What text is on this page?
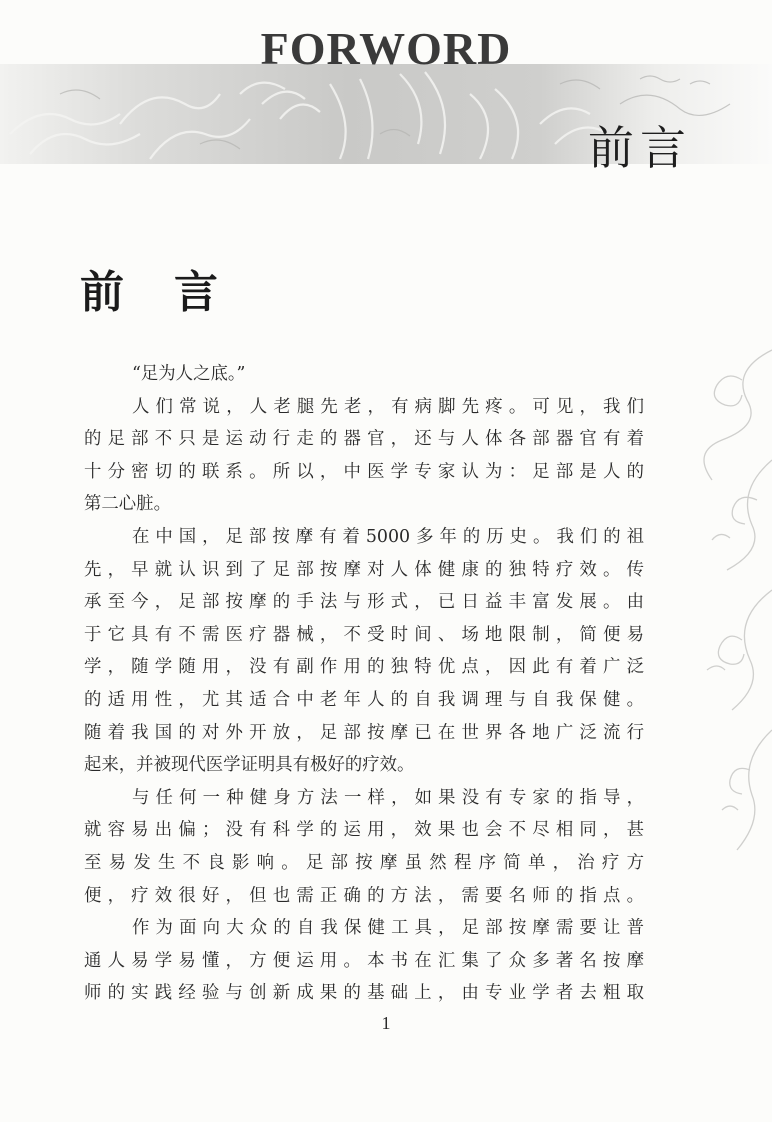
FORWORD
前言
前言

“足为人之底。”

人们常说，人老腿先老，有病脚先疼。可见，我们

的足部不只是运动行走的器官，还与人体各部器官有着

十分密切的联系。所以，中医学专家认为：足部是人的

第二心脏。

在中国，足部按摩有着5000多年的历史。我们的祖

先，早就认识到了足部按摩对人体健康的独特疗效。传

承至今，足部按摩的手法与形式，已日益丰富发展。由

于它具有不需医疗器械，不受时间、场地限制，简便易

学，随学随用，没有副作用的独特优点，因此有着广泛

的适用性，尤其适合中老年人的自我调理与自我保健。

随着我国的对外开放，足部按摩已在世界各地广泛流行

起来，并被现代医学证明具有极好的疗效。

与任何一种健身方法一样，如果没有专家的指导，

就容易出偏；没有科学的运用，效果也会不尽相同，甚

至易发生不良影响。足部按摩虽然程序简单，治疗方

便，疗效很好，但也需正确的方法，需要名师的指点。

作为面向大众的自我保健工具，足部按摩需要让普

通人易学易懂，方便运用。本书在汇集了众多著名按摩

师的实践经验与创新成果的基础上，由专业学者去粗取

1
